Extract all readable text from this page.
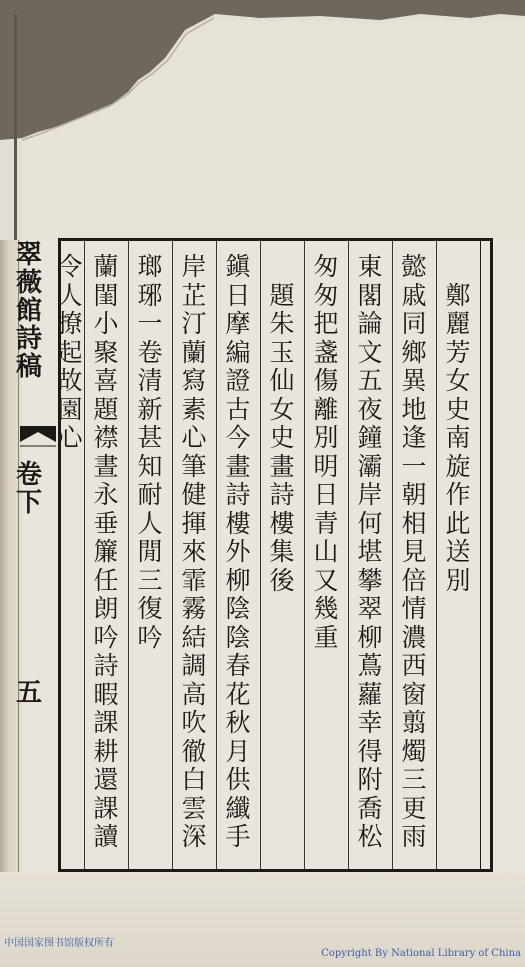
翠
薇
館
詩
稿
卷
下
五
鄭
麗
芳
女
史
南
旋
作
此
送
別
懿
戚
同
鄉
異
地
逢
一
朝
相
見
倍
情
濃
西
窗
翦
燭
三
更
雨
東
閣
論
文
五
夜
鐘
灞
岸
何
堪
攀
翠
柳
蔦
蘿
幸
得
附
喬
松
匆
匆
把
盞
傷
離
別
明
日
青
山
又
幾
重
題
朱
玉
仙
女
史
畫
詩
樓
集
後
鎭
日
摩
編
證
古
今
畫
詩
樓
外
柳
陰
陰
春
花
秋
月
供
纖
手
岸
芷
汀
蘭
寫
素
心
筆
健
揮
來
霏
霧
結
調
高
吹
徹
白
雲
深
瑯
琊
一
卷
清
新
甚
知
耐
人
閒
三
復
吟
蘭
閨
小
聚
喜
題
襟
晝
永
垂
簾
任
朗
吟
詩
暇
課
耕
還
課
讀
令
人
撩
起
故
園
心
中国国家图书馆版权所有
Copyright By National Library of China
